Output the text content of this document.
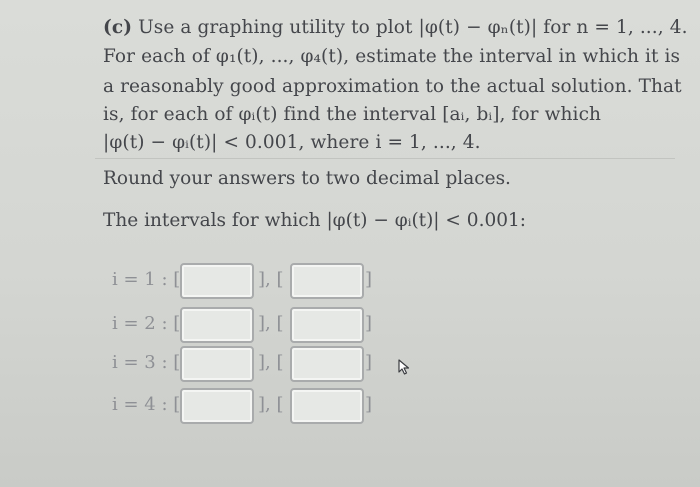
(c) Use a graphing utility to plot |φ(t) − φₙ(t)| for n = 1, ..., 4.
For each of φ₁(t), ..., φ₄(t), estimate the interval in which it is
a reasonably good approximation to the actual solution. That
is, for each of φᵢ(t) find the interval [aᵢ, bᵢ], for which
|φ(t) − φᵢ(t)| < 0.001, where i = 1, ..., 4.
Round your answers to two decimal places.
The intervals for which |φ(t) − φᵢ(t)| < 0.001:
i = 1 : [	], [	]
i = 2 : [	], [	]
i = 3 : [	], [	]
i = 4 : [	], [	]
